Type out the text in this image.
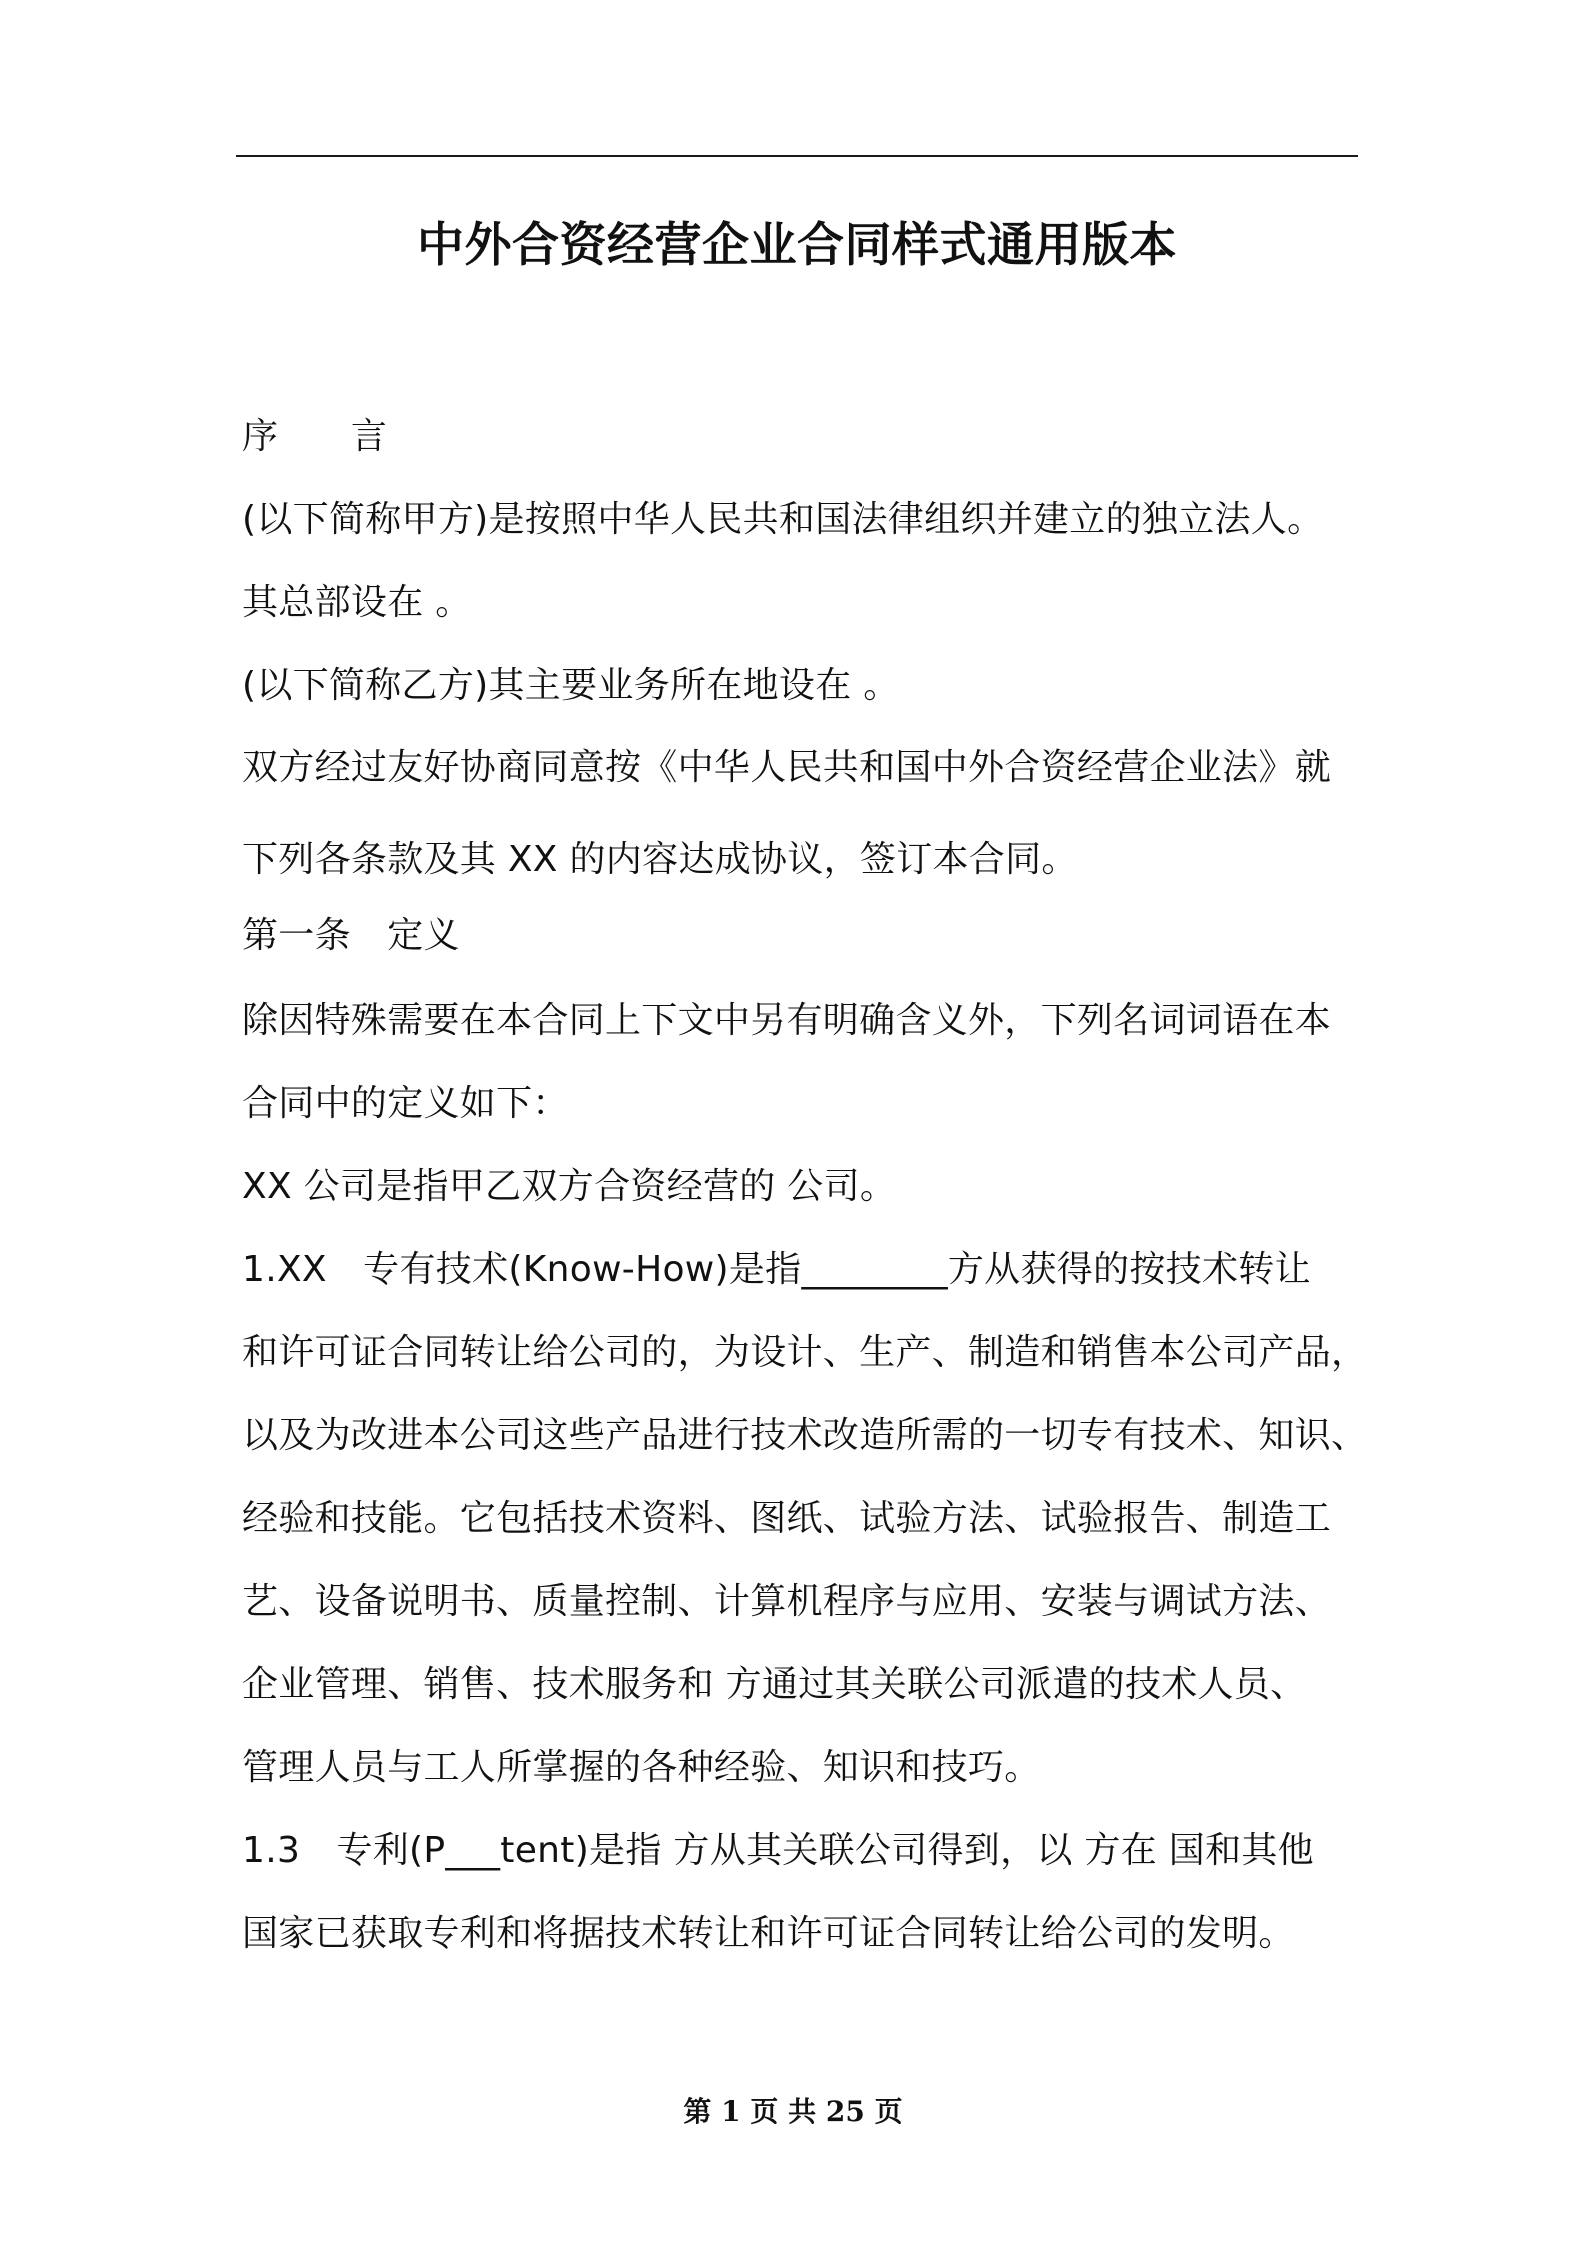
中外合资经营企业合同样式通用版本
序　　言
(以下简称甲方)是按照中华人民共和国法律组织并建立的独立法人。
其总部设在 。
(以下简称乙方)其主要业务所在地设在 。
双方经过友好协商同意按《中华人民共和国中外合资经营企业法》就
下列各条款及其 XX 的内容达成协议，签订本合同。
第一条　定义
除因特殊需要在本合同上下文中另有明确含义外，下列名词词语在本
合同中的定义如下：
XX 公司是指甲乙双方合资经营的 公司。
1.XX　专有技术(Know-How)是指________方从获得的按技术转让
和许可证合同转让给公司的，为设计、生产、制造和销售本公司产品，
以及为改进本公司这些产品进行技术改造所需的一切专有技术、知识、
经验和技能。它包括技术资料、图纸、试验方法、试验报告、制造工
艺、设备说明书、质量控制、计算机程序与应用、安装与调试方法、
企业管理、销售、技术服务和 方通过其关联公司派遣的技术人员、
管理人员与工人所掌握的各种经验、知识和技巧。
1.3　专利(P___tent)是指 方从其关联公司得到，以 方在 国和其他
国家已获取专利和将据技术转让和许可证合同转让给公司的发明。
第 1 页 共 25 页
